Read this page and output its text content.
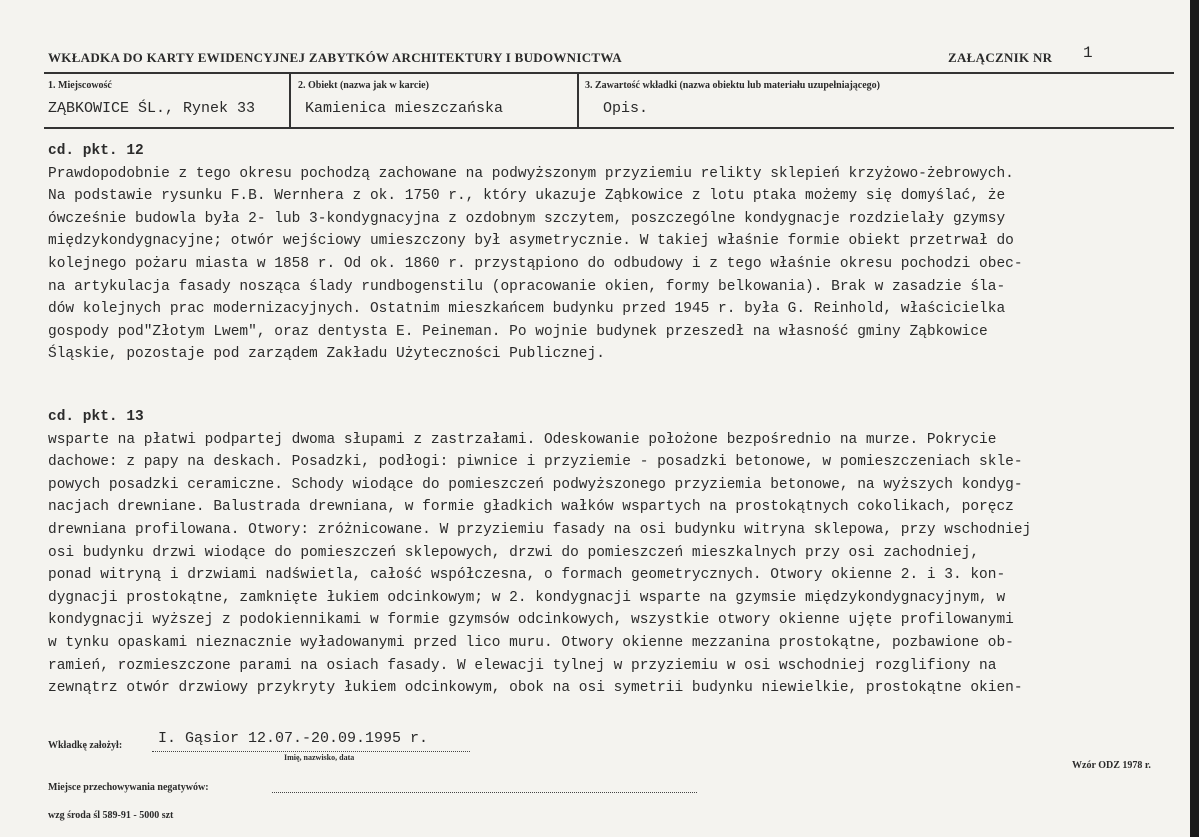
WKŁADKA DO KARTY EWIDENCYJNEJ ZABYTKÓW ARCHITEKTURY I BUDOWNICTWA	ZAŁĄCZNIK NR 1
1. Miejscowość
ZĄBKOWICE ŚL., Rynek 33
2. Obiekt (nazwa jak w karcie)
Kamienica mieszczańska
3. Zawartość wkładki (nazwa obiektu lub materiału uzupełniającego)
Opis.
cd. pkt. 12
Prawdopodobnie z tego okresu pochodzą zachowane na podwyższonym przyziemiu relikty sklepień krzyżowo-żebrowych.
Na podstawie rysunku F.B. Wernhera z ok. 1750 r., który ukazuje Ząbkowice z lotu ptaka możemy się domyślać, że
ówcześnie budowla była 2- lub 3-kondygnacyjna z ozdobnym szczytem, poszczególne kondygnacje rozdzielały gzymsy
międzykondygnacyjne; otwór wejściowy umieszczony był asymetrycznie. W takiej właśnie formie obiekt przetrwał do
kolejnego pożaru miasta w 1858 r. Od ok. 1860 r. przystąpiono do odbudowy i z tego właśnie okresu pochodzi obec-
na artykulacja fasady nosząca ślady rundbogenstilu (opracowanie okien, formy belkowania). Brak w zasadzie śla-
dów kolejnych prac modernizacyjnych. Ostatnim mieszkańcem budynku przed 1945 r. była G. Reinhold, właścicielka
gospody pod"Złotym Lwem", oraz dentysta E. Peineman. Po wojnie budynek przeszedł na własność gminy Ząbkowice
Śląskie, pozostaje pod zarządem Zakładu Użyteczności Publicznej.
cd. pkt. 13
wsparte na płatwi podpartej dwoma słupami z zastrzałami. Odeskowanie położone bezpośrednio na murze. Pokrycie
dachowe: z papy na deskach. Posadzki, podłogi: piwnice i przyziemie - posadzki betonowe, w pomieszczeniach skle-
powych posadzki ceramiczne. Schody wiodące do pomieszczeń podwyższonego przyziemia betonowe, na wyższych kondyg-
nacjach drewniane. Balustrada drewniana, w formie gładkich wałków wspartych na prostokątnych cokolikach, poręcz
drewniana profilowana. Otwory: zróżnicowane. W przyziemiu fasady na osi budynku witryna sklepowa, przy wschodniej
osi budynku drzwi wiodące do pomieszczeń sklepowych, drzwi do pomieszczeń mieszkalnych przy osi zachodniej,
ponad witryną i drzwiami nadświetla, całość współczesna, o formach geometrycznych. Otwory okienne 2. i 3. kon-
dygnacji prostokątne, zamknięte łukiem odcinkowym; w 2. kondygnacji wsparte na gzymsie międzykondygnacyjnym, w
kondygnacji wyższej z podokiennikami w formie gzymsów odcinkowych, wszystkie otwory okienne ujęte profilowanymi
w tynku opaskami nieznacznie wyładowanymi przed lico muru. Otwory okienne mezzanina prostokątne, pozbawione ob-
ramień, rozmieszczone parami na osiach fasady. W elewacji tylnej w przyziemiu w osi wschodniej rozglifiony na
zewnątrz otwór drzwiowy przykryty łukiem odcinkowym, obok na osi symetrii budynku niewielkie, prostokątne okien-
Wkładkę założył: I. Gąsior 12.07.-20.09.1995 r.
Imię, nazwisko, data
Wzór ODZ 1978 r.
Miejsce przechowywania negatywów:
wzg środa śl 589-91 - 5000 szt
